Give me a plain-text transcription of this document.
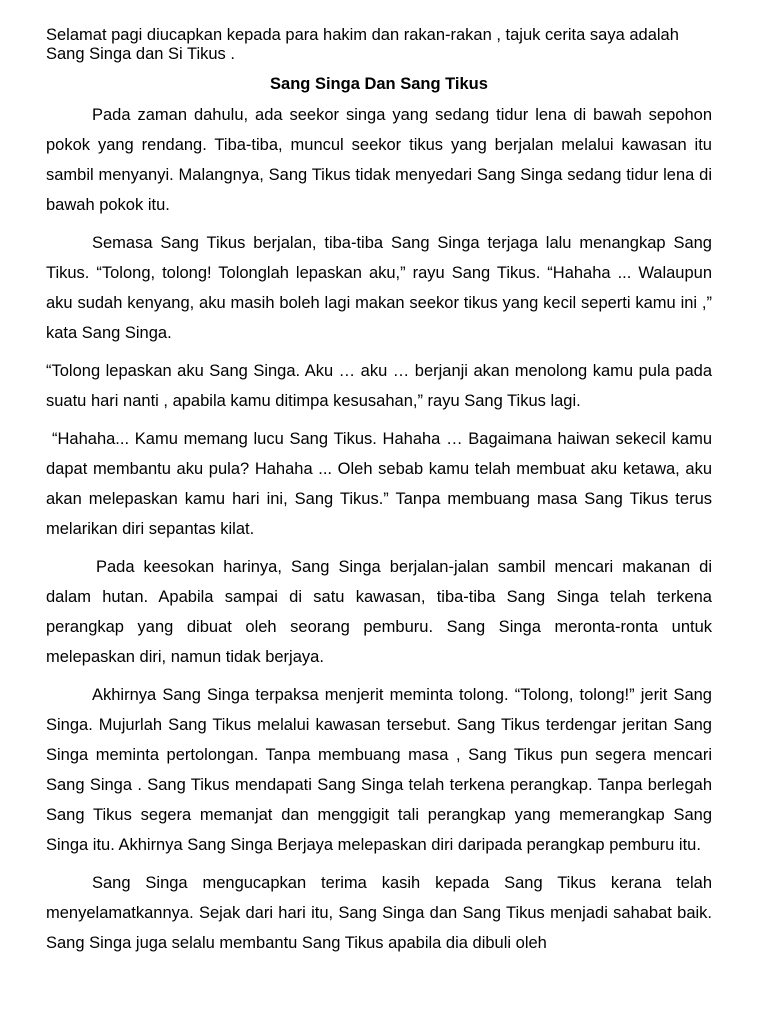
Selamat pagi diucapkan kepada para hakim dan rakan-rakan , tajuk cerita saya adalah Sang Singa dan Si Tikus .

Sang Singa Dan Sang Tikus

Pada zaman dahulu, ada seekor singa yang sedang tidur lena di bawah sepohon pokok yang rendang. Tiba-tiba, muncul seekor tikus yang berjalan melalui kawasan itu sambil menyanyi. Malangnya, Sang Tikus tidak menyedari Sang Singa sedang tidur lena di bawah pokok itu.

Semasa Sang Tikus berjalan, tiba-tiba Sang Singa terjaga lalu menangkap Sang Tikus. “Tolong, tolong! Tolonglah lepaskan aku,” rayu Sang Tikus. “Hahaha ... Walaupun aku sudah kenyang, aku masih boleh lagi makan seekor tikus yang kecil seperti kamu ini ,” kata Sang Singa.

“Tolong lepaskan aku Sang Singa. Aku … aku … berjanji akan menolong kamu pula pada suatu hari nanti , apabila kamu ditimpa kesusahan,” rayu Sang Tikus lagi.

“Hahaha... Kamu memang lucu Sang Tikus. Hahaha … Bagaimana haiwan sekecil kamu dapat membantu aku pula? Hahaha ... Oleh sebab kamu telah membuat aku ketawa, aku akan melepaskan kamu hari ini, Sang Tikus.” Tanpa membuang masa Sang Tikus terus melarikan diri sepantas kilat.

Pada keesokan harinya, Sang Singa berjalan-jalan sambil mencari makanan di dalam hutan. Apabila sampai di satu kawasan, tiba-tiba Sang Singa telah terkena perangkap yang dibuat oleh seorang pemburu. Sang Singa meronta-ronta untuk melepaskan diri, namun tidak berjaya.

Akhirnya Sang Singa terpaksa menjerit meminta tolong. “Tolong, tolong!” jerit Sang Singa. Mujurlah Sang Tikus melalui kawasan tersebut. Sang Tikus terdengar jeritan Sang Singa meminta pertolongan. Tanpa membuang masa , Sang Tikus pun segera mencari Sang Singa . Sang Tikus mendapati Sang Singa telah terkena perangkap. Tanpa berlegah Sang Tikus segera memanjat dan menggigit tali perangkap yang memerangkap Sang Singa itu. Akhirnya Sang Singa Berjaya melepaskan diri daripada perangkap pemburu itu.

Sang Singa mengucapkan terima kasih kepada Sang Tikus kerana telah menyelamatkannya. Sejak dari hari itu, Sang Singa dan Sang Tikus menjadi sahabat baik. Sang Singa juga selalu membantu Sang Tikus apabila dia dibuli oleh
